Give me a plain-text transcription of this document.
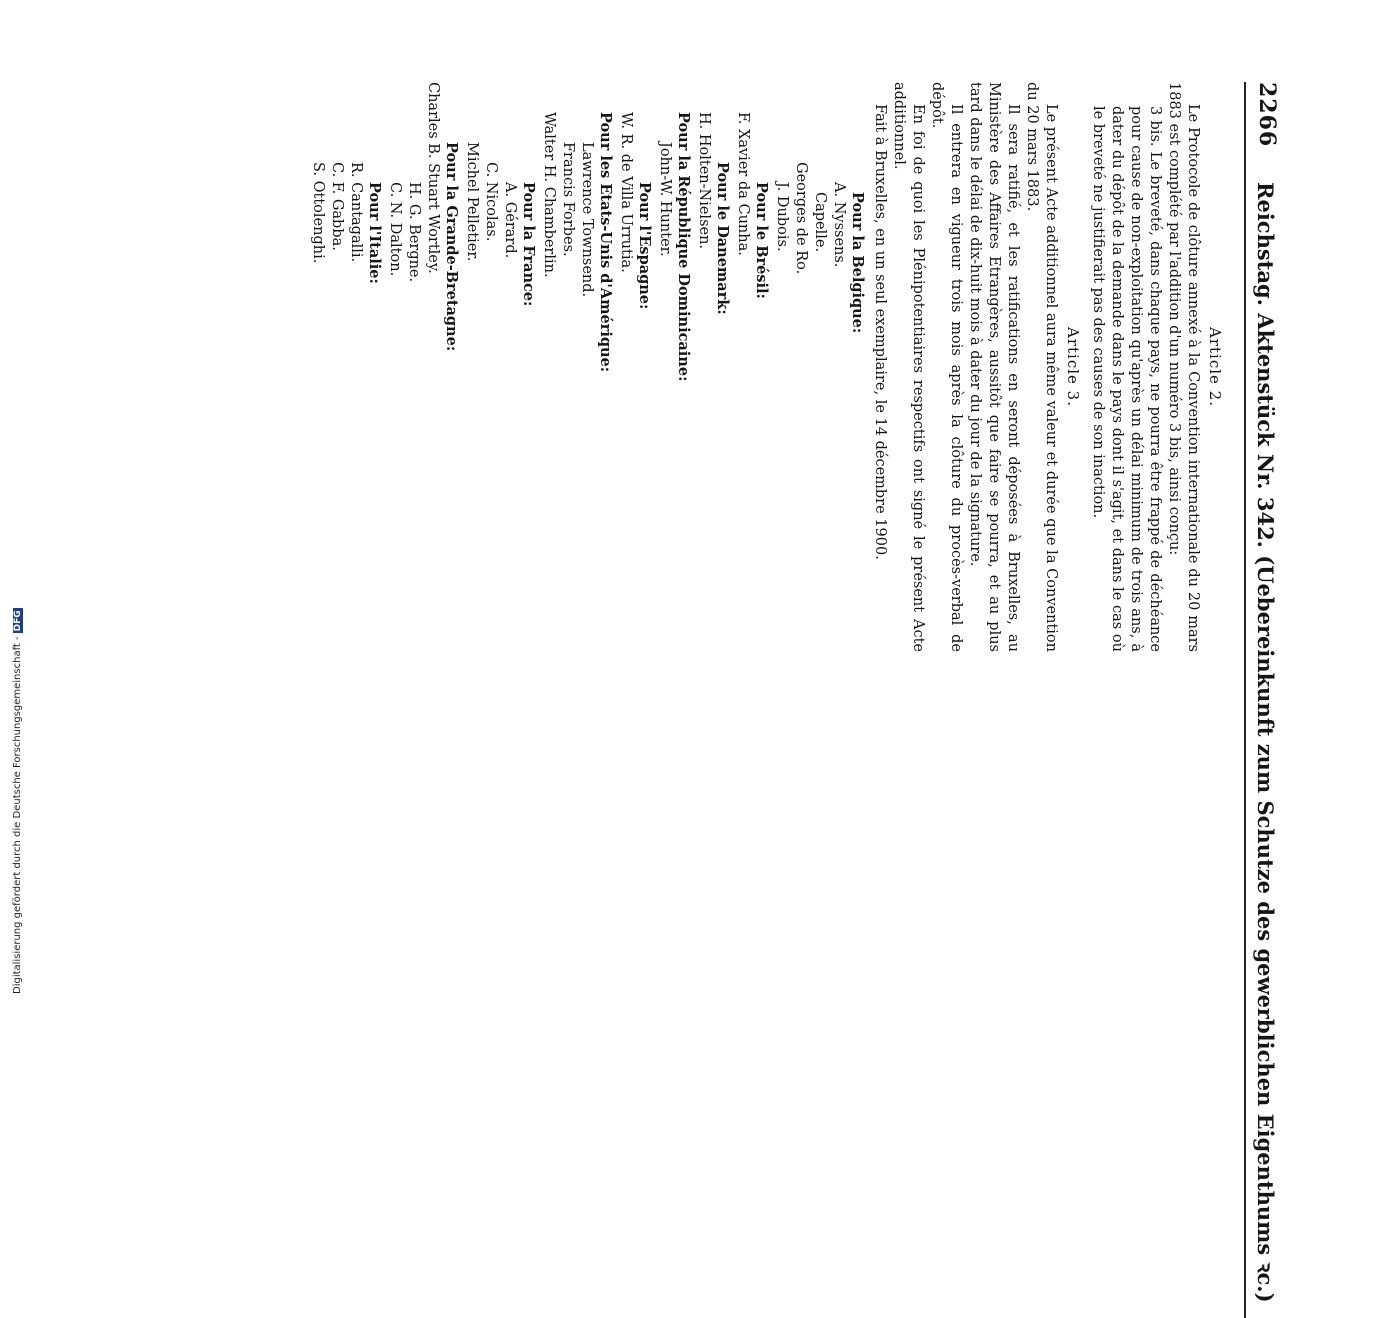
2266
Reichstag. Aktenstück Nr. 342. (Uebereinkunft zum Schutze des gewerblichen Eigenthums ꝛc.)
Article 2.

Le Protocole de clôture annexé à la Convention internationale du 20 mars 1883 est complété par l'addition d'un numéro 3 bis, ainsi conçu:

3 bis. Le breveté, dans chaque pays, ne pourra être frappé de déchéance pour cause de non-exploitation qu'après un délai minimum de trois ans, à dater du dépôt de la demande dans le pays dont il s'agit, et dans le cas où le breveté ne justifierait pas des causes de son inaction.

Article 3.

Le présent Acte additionnel aura même valeur et durée que la Convention du 20 mars 1883.

Il sera ratifié, et les ratifications en seront déposées à Bruxelles, au Ministère des Affaires Etrangères, aussitôt que faire se pourra, et au plus tard dans le délai de dix-huit mois à dater du jour de la signature.

Il entrera en vigueur trois mois après la clôture du procès-verbal de dépôt.

En foi de quoi les Plénipotentiaires respectifs ont signé le présent Acte additionnel.

Fait à Bruxelles, en un seul exemplaire, le 14 décembre 1900.

Pour la Belgique:

A. Nyssens.

Capelle.

Georges de Ro.

J. Dubois.

Pour le Brésil:

F. Xavier da Cunha.

Pour le Danemark:

H. Holten-Nielsen.

Pour la République Dominicaine:

John-W. Hunter.

Pour l'Espagne:

W. R. de Villa Urrutia.

Pour les Etats-Unis d'Amérique:

Lawrence Townsend.

Francis Forbes.

Walter H. Chamberlin.

Pour la France:

A. Gérard.

C. Nicolas.

Michel Pelletier.

Pour la Grande-Bretagne:

Charles B. Stuart Wortley.

H. G. Bergne.

C. N. Dalton.

Pour l'Italie:

R. Cantagalli.

C. F. Gabba.

S. Ottolenghi.

Digitalisierung gefördert durch die Deutsche Forschungsgemeinschaft -DFG
